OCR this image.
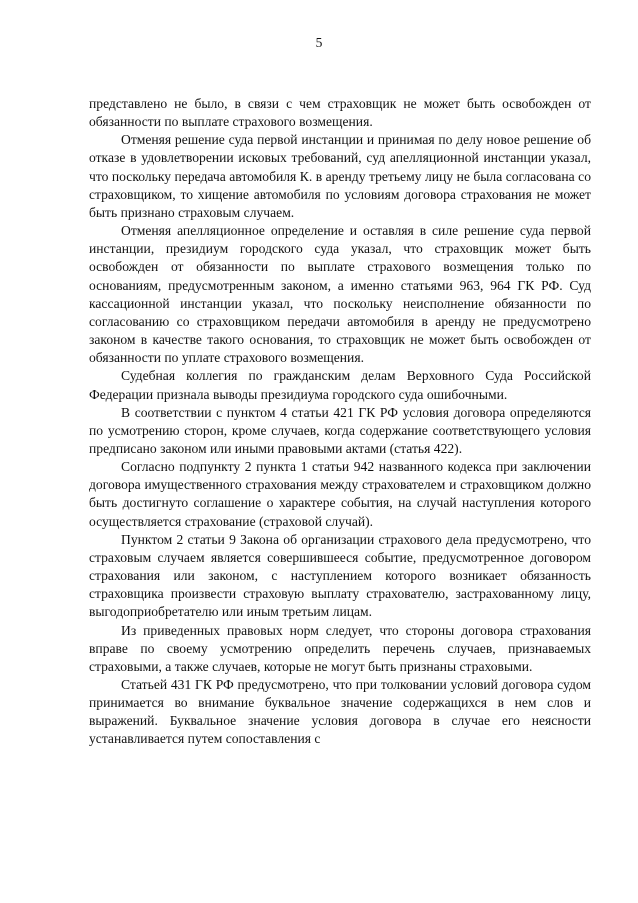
5

представлено не было, в связи с чем страховщик не может быть освобожден от обязанности по выплате страхового возмещения.

Отменяя решение суда первой инстанции и принимая по делу новое решение об отказе в удовлетворении исковых требований, суд апелляционной инстанции указал, что поскольку передача автомобиля К. в аренду третьему лицу не была согласована со страховщиком, то хищение автомобиля по условиям договора страхования не может быть признано страховым случаем.

Отменяя апелляционное определение и оставляя в силе решение суда первой инстанции, президиум городского суда указал, что страховщик может быть освобожден от обязанности по выплате страхового возмещения только по основаниям, предусмотренным законом, а именно статьями 963, 964 ГК РФ. Суд кассационной инстанции указал, что поскольку неисполнение обязанности по согласованию со страховщиком передачи автомобиля в аренду не предусмотрено законом в качестве такого основания, то страховщик не может быть освобожден от обязанности по уплате страхового возмещения.

Судебная коллегия по гражданским делам Верховного Суда Российской Федерации признала выводы президиума городского суда ошибочными.

В соответствии с пунктом 4 статьи 421 ГК РФ условия договора определяются по усмотрению сторон, кроме случаев, когда содержание соответствующего условия предписано законом или иными правовыми актами (статья 422).

Согласно подпункту 2 пункта 1 статьи 942 названного кодекса при заключении договора имущественного страхования между страхователем и страховщиком должно быть достигнуто соглашение о характере события, на случай наступления которого осуществляется страхование (страховой случай).

Пунктом 2 статьи 9 Закона об организации страхового дела предусмотрено, что страховым случаем является совершившееся событие, предусмотренное договором страхования или законом, с наступлением которого возникает обязанность страховщика произвести страховую выплату страхователю, застрахованному лицу, выгодоприобретателю или иным третьим лицам.

Из приведенных правовых норм следует, что стороны договора страхования вправе по своему усмотрению определить перечень случаев, признаваемых страховыми, а также случаев, которые не могут быть признаны страховыми.

Статьей 431 ГК РФ предусмотрено, что при толковании условий договора судом принимается во внимание буквальное значение содержащихся в нем слов и выражений. Буквальное значение условия договора в случае его неясности устанавливается путем сопоставления с
